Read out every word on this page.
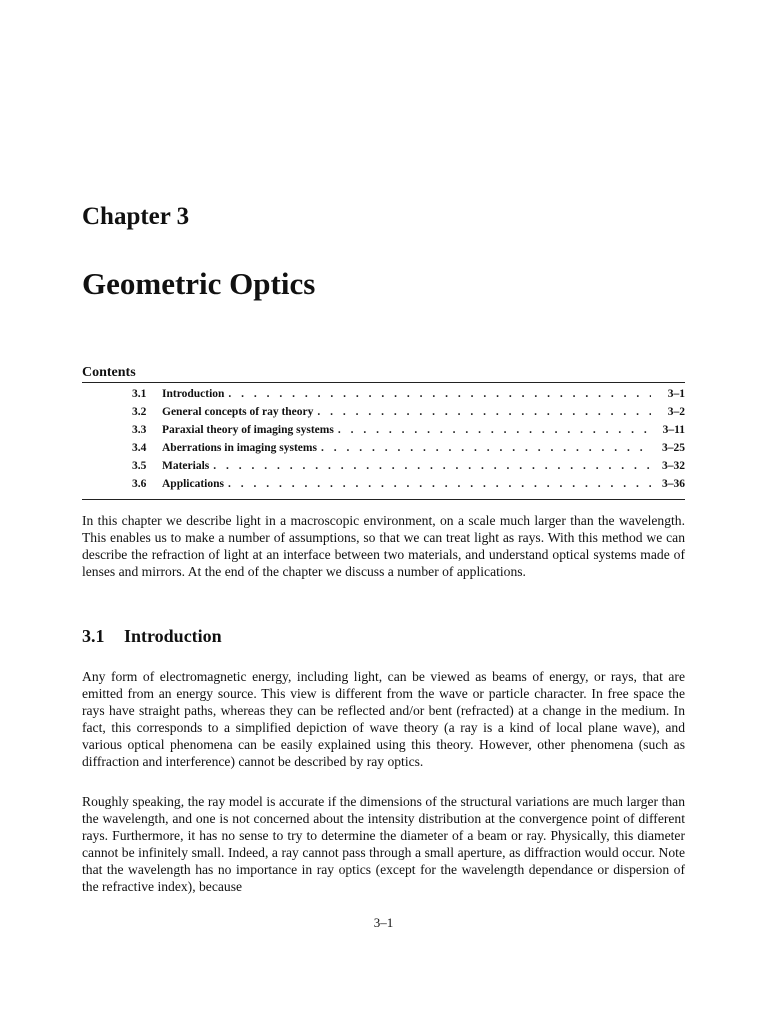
Chapter 3
Geometric Optics
Contents
3.1	Introduction . . .	3–1
3.2	General concepts of ray theory . . .	3–2
3.3	Paraxial theory of imaging systems . . .	3–11
3.4	Aberrations in imaging systems . . .	3–25
3.5	Materials . . .	3–32
3.6	Applications . . .	3–36

In this chapter we describe light in a macroscopic environment, on a scale much larger than the wavelength. This enables us to make a number of assumptions, so that we can treat light as rays. With this method we can describe the refraction of light at an interface between two materials, and understand optical systems made of lenses and mirrors. At the end of the chapter we discuss a number of applications.

3.1 Introduction

Any form of electromagnetic energy, including light, can be viewed as beams of energy, or rays, that are emitted from an energy source. This view is different from the wave or particle character. In free space the rays have straight paths, whereas they can be reflected and/or bent (refracted) at a change in the medium. In fact, this corresponds to a simplified depiction of wave theory (a ray is a kind of local plane wave), and various optical phenomena can be easily explained using this theory. However, other phenomena (such as diffraction and interference) cannot be described by ray optics.

Roughly speaking, the ray model is accurate if the dimensions of the structural variations are much larger than the wavelength, and one is not concerned about the intensity distribution at the convergence point of different rays. Furthermore, it has no sense to try to determine the diameter of a beam or ray. Physically, this diameter cannot be infinitely small. Indeed, a ray cannot pass through a small aperture, as diffraction would occur. Note that the wavelength has no importance in ray optics (except for the wavelength dependance or dispersion of the refractive index), because

3–1
